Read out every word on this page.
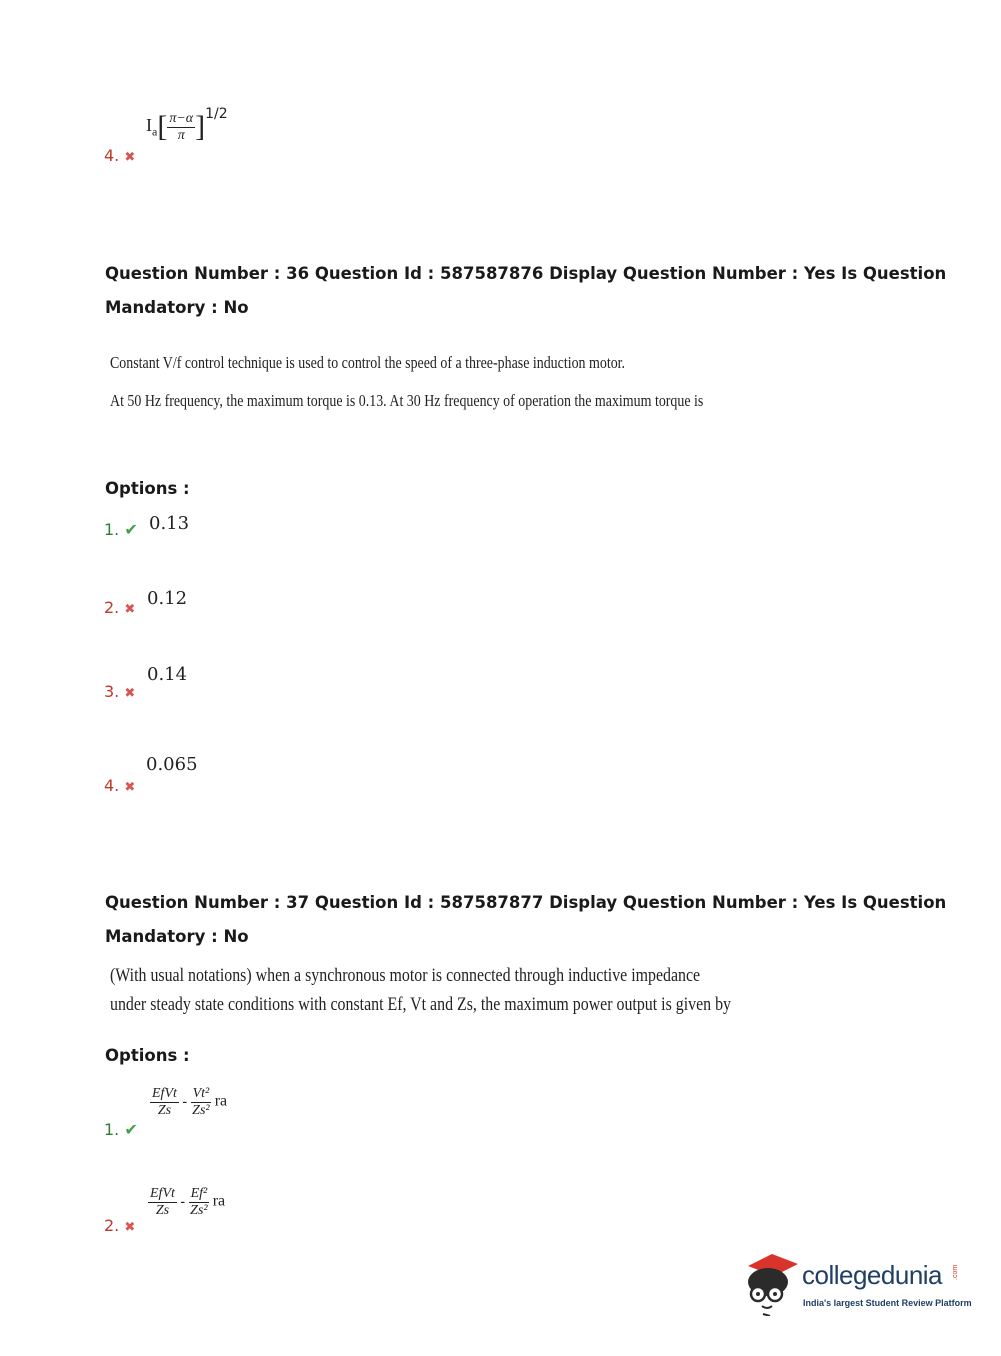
4. ✖
$I_a[ \frac{\pi-\alpha}{\pi} ]^{1/2}$
Question Number : 36 Question Id : 587587876 Display Question Number : Yes Is Question
Mandatory : No
Constant V/f control technique is used to control the speed of a three-phase induction motor.
At 50 Hz frequency, the maximum torque is 0.13. At 30 Hz frequency of operation the maximum torque is
Options :
1. ✔ 0.13
2. ✖
0.12
3. ✖
0.14
4. ✖
0.065
Question Number : 37 Question Id : 587587877 Display Question Number : Yes Is Question
Mandatory : No
(With usual notations) when a synchronous motor is connected through inductive impedance
under steady state conditions with constant Ef, Vt and Zs, the maximum power output is given by
Options :
1. ✔
$\frac{\text{EfVt}}{Zs} - \frac{\text{Vt²}}{\text{Zs²}}$ ra
2. ✖
$\frac{\text{EfVt}}{Zs} - \frac{\text{Ef²}}{\text{Zs²}}$ ra
collegedunia .com
India's largest Student Review Platform
